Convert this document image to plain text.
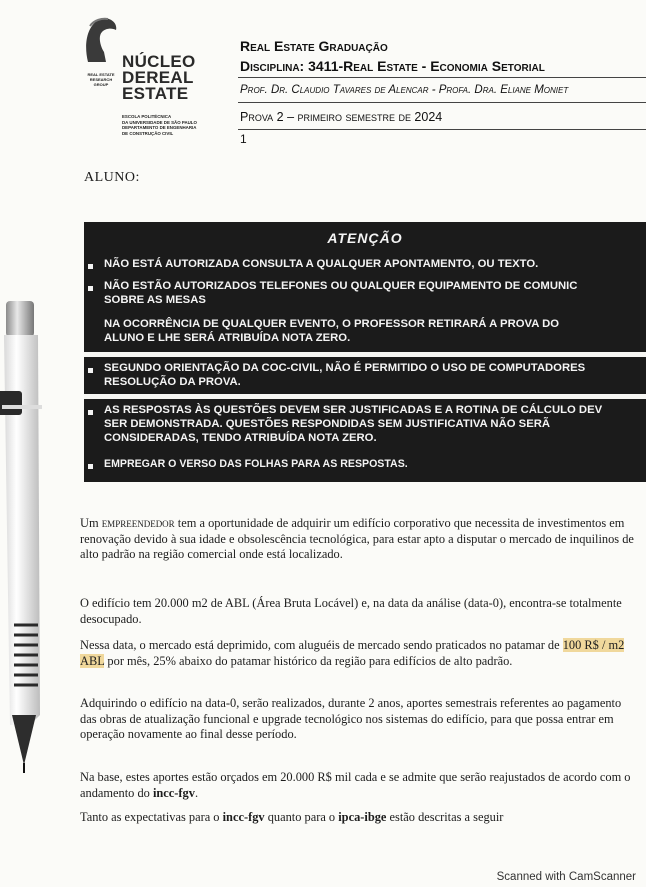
REAL ESTATE RESEARCH GROUP
NÚCLEO
DEREAL
ESTATE
ESCOLA POLITÉCNICA
DA UNIVERSIDADE DE SÃO PAULO
DEPARTAMENTO DE ENGENHARIA
DE CONSTRUÇÃO CIVIL
Real Estate Graduação
Disciplina: 3411-Real Estate - Economia Setorial
Prof. Dr. Claudio Tavares de Alencar - Profa. Dra. Eliane Moniet
Prova 2 – primeiro semestre de 2024
1
ALUNO:
ATENÇÃO
NÃO ESTÁ AUTORIZADA CONSULTA A QUALQUER APONTAMENTO, OU TEXTO.
NÃO ESTÃO AUTORIZADOS TELEFONES OU QUALQUER EQUIPAMENTO DE COMUNIC
SOBRE AS MESAS
NA OCORRÊNCIA DE QUALQUER EVENTO, O PROFESSOR RETIRARÁ A PROVA DO
ALUNO E LHE SERÁ ATRIBUÍDA NOTA ZERO.
SEGUNDO ORIENTAÇÃO DA COC-CIVIL, NÃO É PERMITIDO O USO DE COMPUTADORES
RESOLUÇÃO DA PROVA.
AS RESPOSTAS ÀS QUESTÕES DEVEM SER JUSTIFICADAS E A ROTINA DE CÁLCULO DEV
SER DEMONSTRADA. QUESTÕES RESPONDIDAS SEM JUSTIFICATIVA NÃO SERÃ
CONSIDERADAS, TENDO ATRIBUÍDA NOTA ZERO.
EMPREGAR O VERSO DAS FOLHAS PARA AS RESPOSTAS.
Um empreendedor tem a oportunidade de adquirir um edifício corporativo que necessita de investimentos em renovação devido à sua idade e obsolescência tecnológica, para estar apto a disputar o mercado de inquilinos de alto padrão na região comercial onde está localizado.
O edifício tem 20.000 m2 de ABL (Área Bruta Locável) e, na data da análise (data-0), encontra-se totalmente desocupado.
Nessa data, o mercado está deprimido, com aluguéis de mercado sendo praticados no patamar de 100 R$ / m2 ABL por mês, 25% abaixo do patamar histórico da região para edifícios de alto padrão.
Adquirindo o edifício na data-0, serão realizados, durante 2 anos, aportes semestrais referentes ao pagamento das obras de atualização funcional e upgrade tecnológico nos sistemas do edifício, para que possa entrar em operação novamente ao final desse período.
Na base, estes aportes estão orçados em 20.000 R$ mil cada e se admite que serão reajustados de acordo com o andamento do incc-fgv.
Tanto as expectativas para o incc-fgv quanto para o ipca-ibge estão descritas a seguir
Scanned with CamScanner
